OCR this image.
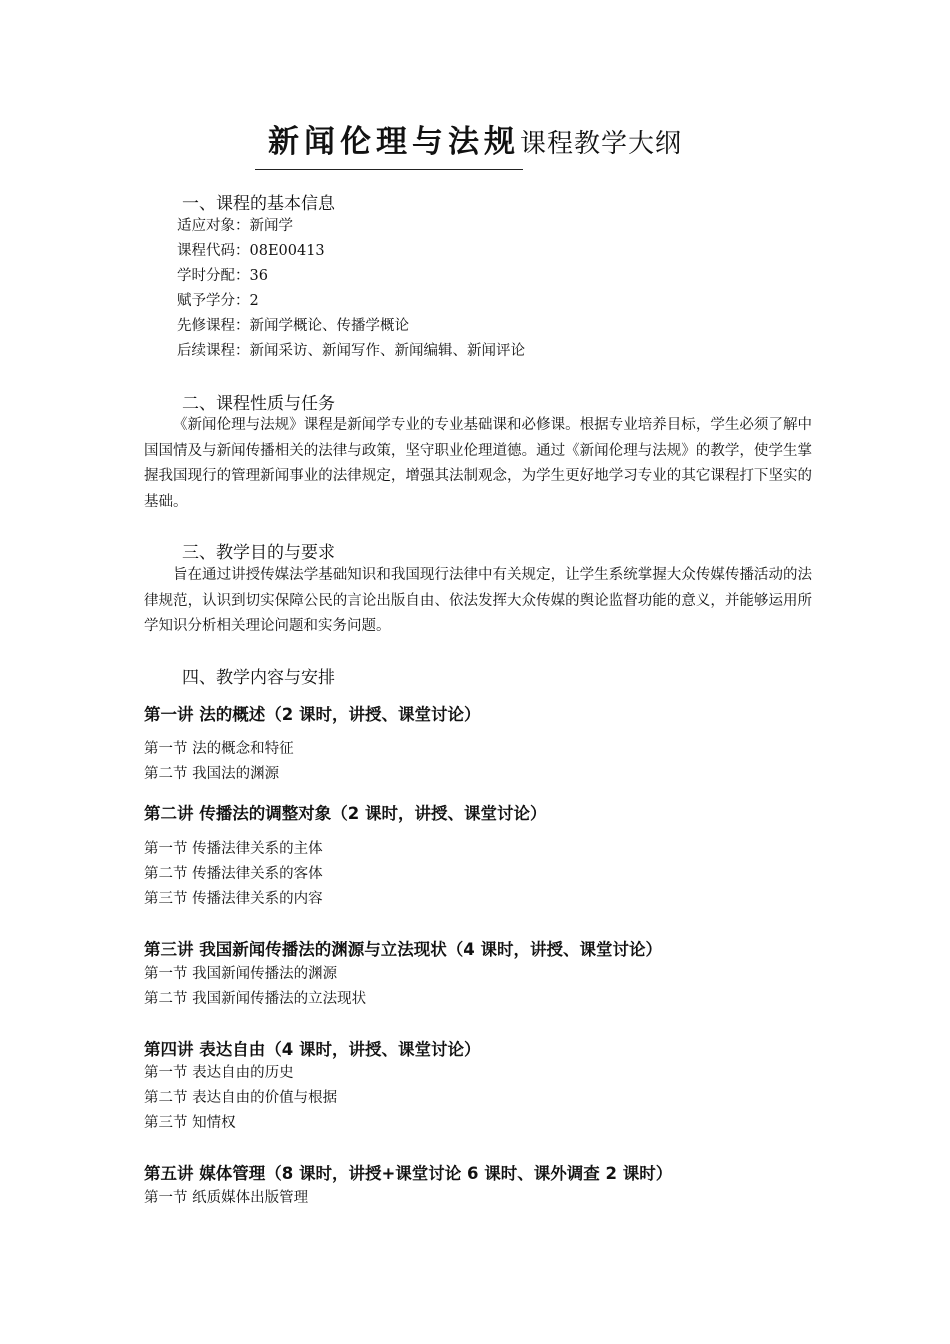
新闻伦理与法规课程教学大纲
一、课程的基本信息
适应对象：新闻学
课程代码：08E00413
学时分配：36
赋予学分：2
先修课程：新闻学概论、传播学概论
后续课程：新闻采访、新闻写作、新闻编辑、新闻评论
二、课程性质与任务
《新闻伦理与法规》课程是新闻学专业的专业基础课和必修课。根据专业培养目标，学生必须了解中国国情及与新闻传播相关的法律与政策，坚守职业伦理道德。通过《新闻伦理与法规》的教学，使学生掌握我国现行的管理新闻事业的法律规定，增强其法制观念，为学生更好地学习专业的其它课程打下坚实的基础。
三、教学目的与要求
旨在通过讲授传媒法学基础知识和我国现行法律中有关规定，让学生系统掌握大众传媒传播活动的法律规范，认识到切实保障公民的言论出版自由、依法发挥大众传媒的舆论监督功能的意义，并能够运用所学知识分析相关理论问题和实务问题。
四、教学内容与安排
第一讲 法的概述（2 课时，讲授、课堂讨论）
第一节 法的概念和特征
第二节 我国法的渊源
第二讲 传播法的调整对象（2 课时，讲授、课堂讨论）
第一节 传播法律关系的主体
第二节 传播法律关系的客体
第三节 传播法律关系的内容
第三讲 我国新闻传播法的渊源与立法现状（4 课时，讲授、课堂讨论）
第一节 我国新闻传播法的渊源
第二节 我国新闻传播法的立法现状
第四讲 表达自由（4 课时，讲授、课堂讨论）
第一节 表达自由的历史
第二节 表达自由的价值与根据
第三节 知情权
第五讲 媒体管理（8 课时，讲授+课堂讨论 6 课时、课外调查 2 课时）
第一节 纸质媒体出版管理
